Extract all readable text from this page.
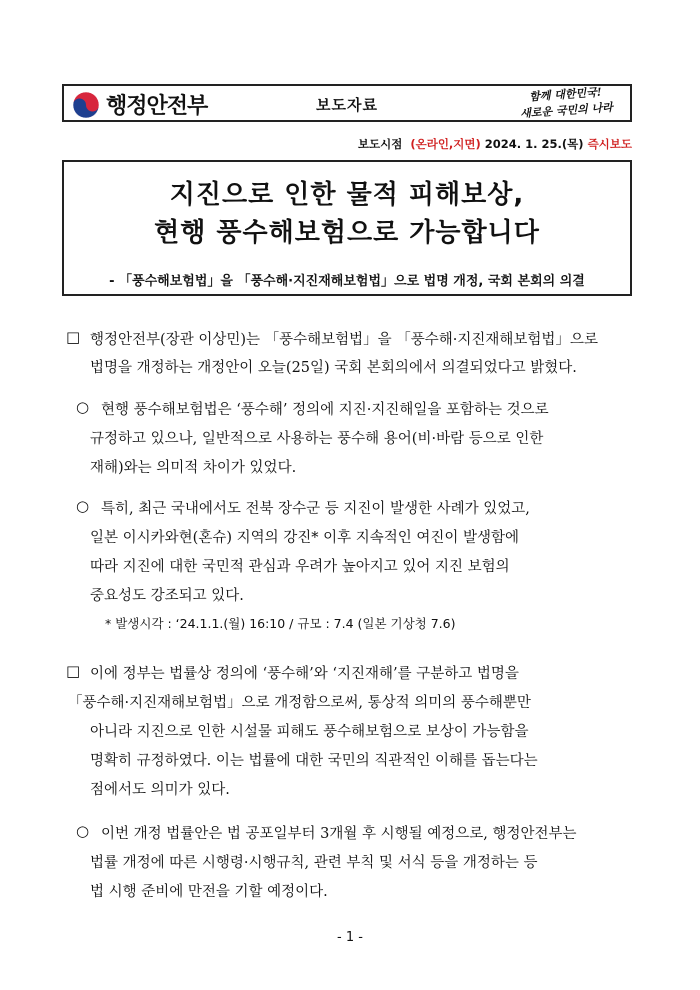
행정안전부	보도자료
함께 대한민국!
새로운 국민의 나라
보도시점 (온라인,지면) 2024. 1. 25.(목) 즉시보도
지진으로 인한 물적 피해보상,
현행 풍수해보험으로 가능합니다
- 「풍수해보험법」을 「풍수해·지진재해보험법」으로 법명 개정, 국회 본회의 의결
□ 행정안전부(장관 이상민)는 「풍수해보험법」을 「풍수해·지진재해보험법」으로
법명을 개정하는 개정안이 오늘(25일) 국회 본회의에서 의결되었다고 밝혔다.
○ 현행 풍수해보험법은 ‘풍수해’ 정의에 지진·지진해일을 포함하는 것으로
규정하고 있으나, 일반적으로 사용하는 풍수해 용어(비·바람 등으로 인한
재해)와는 의미적 차이가 있었다.
○ 특히, 최근 국내에서도 전북 장수군 등 지진이 발생한 사례가 있었고,
일본 이시카와현(혼슈) 지역의 강진* 이후 지속적인 여진이 발생함에
따라 지진에 대한 국민적 관심과 우려가 높아지고 있어 지진 보험의
중요성도 강조되고 있다.
* 발생시각 : ‘24.1.1.(월) 16:10 / 규모 : 7.4 (일본 기상청 7.6)
□ 이에 정부는 법률상 정의에 ‘풍수해’와 ‘지진재해’를 구분하고 법명을
「풍수해·지진재해보험법」으로 개정함으로써, 통상적 의미의 풍수해뿐만
아니라 지진으로 인한 시설물 피해도 풍수해보험으로 보상이 가능함을
명확히 규정하였다. 이는 법률에 대한 국민의 직관적인 이해를 돕는다는
점에서도 의미가 있다.
○ 이번 개정 법률안은 법 공포일부터 3개월 후 시행될 예정으로, 행정안전부는
법률 개정에 따른 시행령·시행규칙, 관련 부칙 및 서식 등을 개정하는 등
법 시행 준비에 만전을 기할 예정이다.
- 1 -
